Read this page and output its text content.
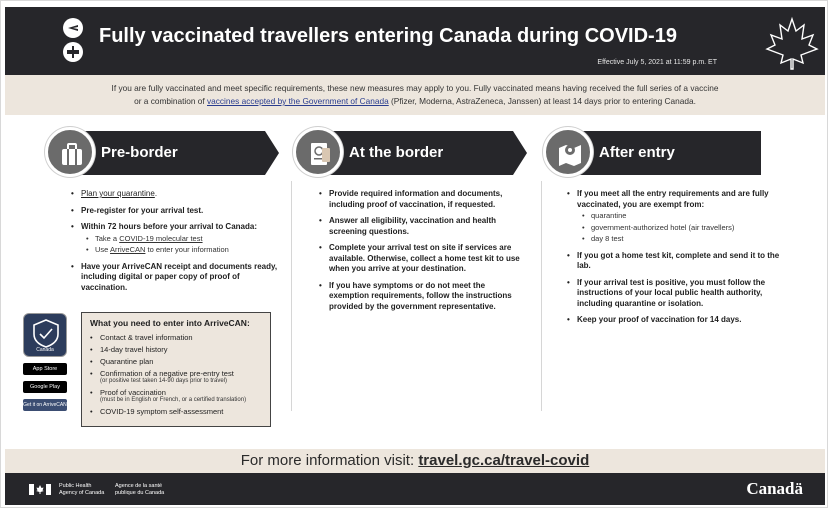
Fully vaccinated travellers entering Canada during COVID-19
Effective July 5, 2021 at 11:59 p.m. ET
If you are fully vaccinated and meet specific requirements, these new measures may apply to you. Fully vaccinated means having received the full series of a vaccine
or a combination of vaccines accepted by the Government of Canada (Pfizer, Moderna, AstraZeneca, Janssen) at least 14 days prior to entering Canada.
Pre-border
• Plan your quarantine.
• Pre-register for your arrival test.
• Within 72 hours before your arrival to Canada:
• Take a COVID-19 molecular test
• Use ArriveCAN to enter your information
• Have your ArriveCAN receipt and documents ready, including digital or paper copy of proof of vaccination.
At the border
• Provide required information and documents, including proof of vaccination, if requested.
• Answer all eligibility, vaccination and health screening questions.
• Complete your arrival test on site if services are available. Otherwise, collect a home test kit to use when you arrive at your destination.
• If you have symptoms or do not meet the exemption requirements, follow the instructions provided by the government representative.
After entry
• If you meet all the entry requirements and are fully vaccinated, you are exempt from:
• quarantine
• government-authorized hotel (air travellers)
• day 8 test
• If you got a home test kit, complete and send it to the lab.
• If your arrival test is positive, you must follow the instructions of your local public health authority, including quarantine or isolation.
• Keep your proof of vaccination for 14 days.
Canada
App Store
Google Play
Get it on ArriveCAN site
What you need to enter into ArriveCAN:
• Contact & travel information
• 14-day travel history
• Quarantine plan
• Confirmation of a negative pre-entry test
(or positive test taken 14-90 days prior to travel)
• Proof of vaccination
(must be in English or French, or a certified translation)
• COVID-19 symptom self-assessment
For more information visit: travel.gc.ca/travel-covid
Public Health
Agency of Canada
Agence de la santé
publique du Canada	Canadä
